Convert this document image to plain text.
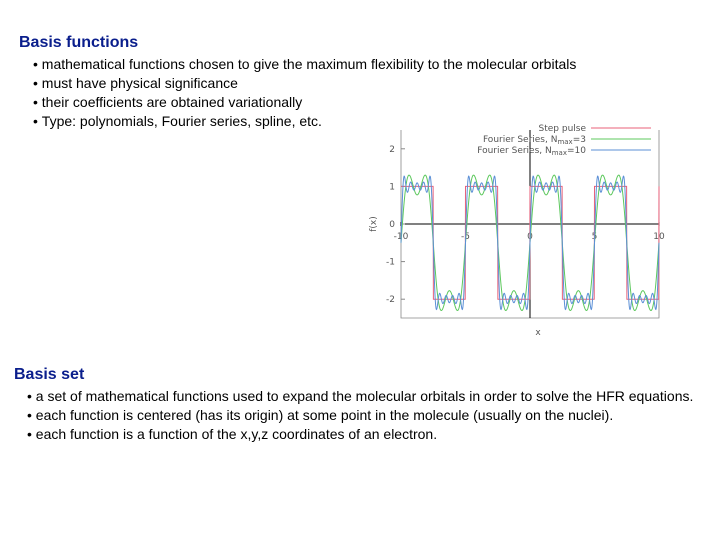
Basis functions
• mathematical functions chosen to give the maximum flexibility to the molecular orbitals
• must have physical significance
• their coefficients are obtained variationally
• Type: polynomials, Fourier series, spline, etc.
2
1
0
-1
-2
-10	-5	0	5	10
x
f(x)
Step pulse
Fourier Series, $N_{max}=3$
Fourier Series, $N_{max}=10$
Basis set
• a set of mathematical functions used to expand the molecular orbitals in order to solve the HFR equations.
• each function is centered (has its origin) at some point in the molecule (usually on the nuclei).
• each function is a function of the x,y,z coordinates of an electron.
